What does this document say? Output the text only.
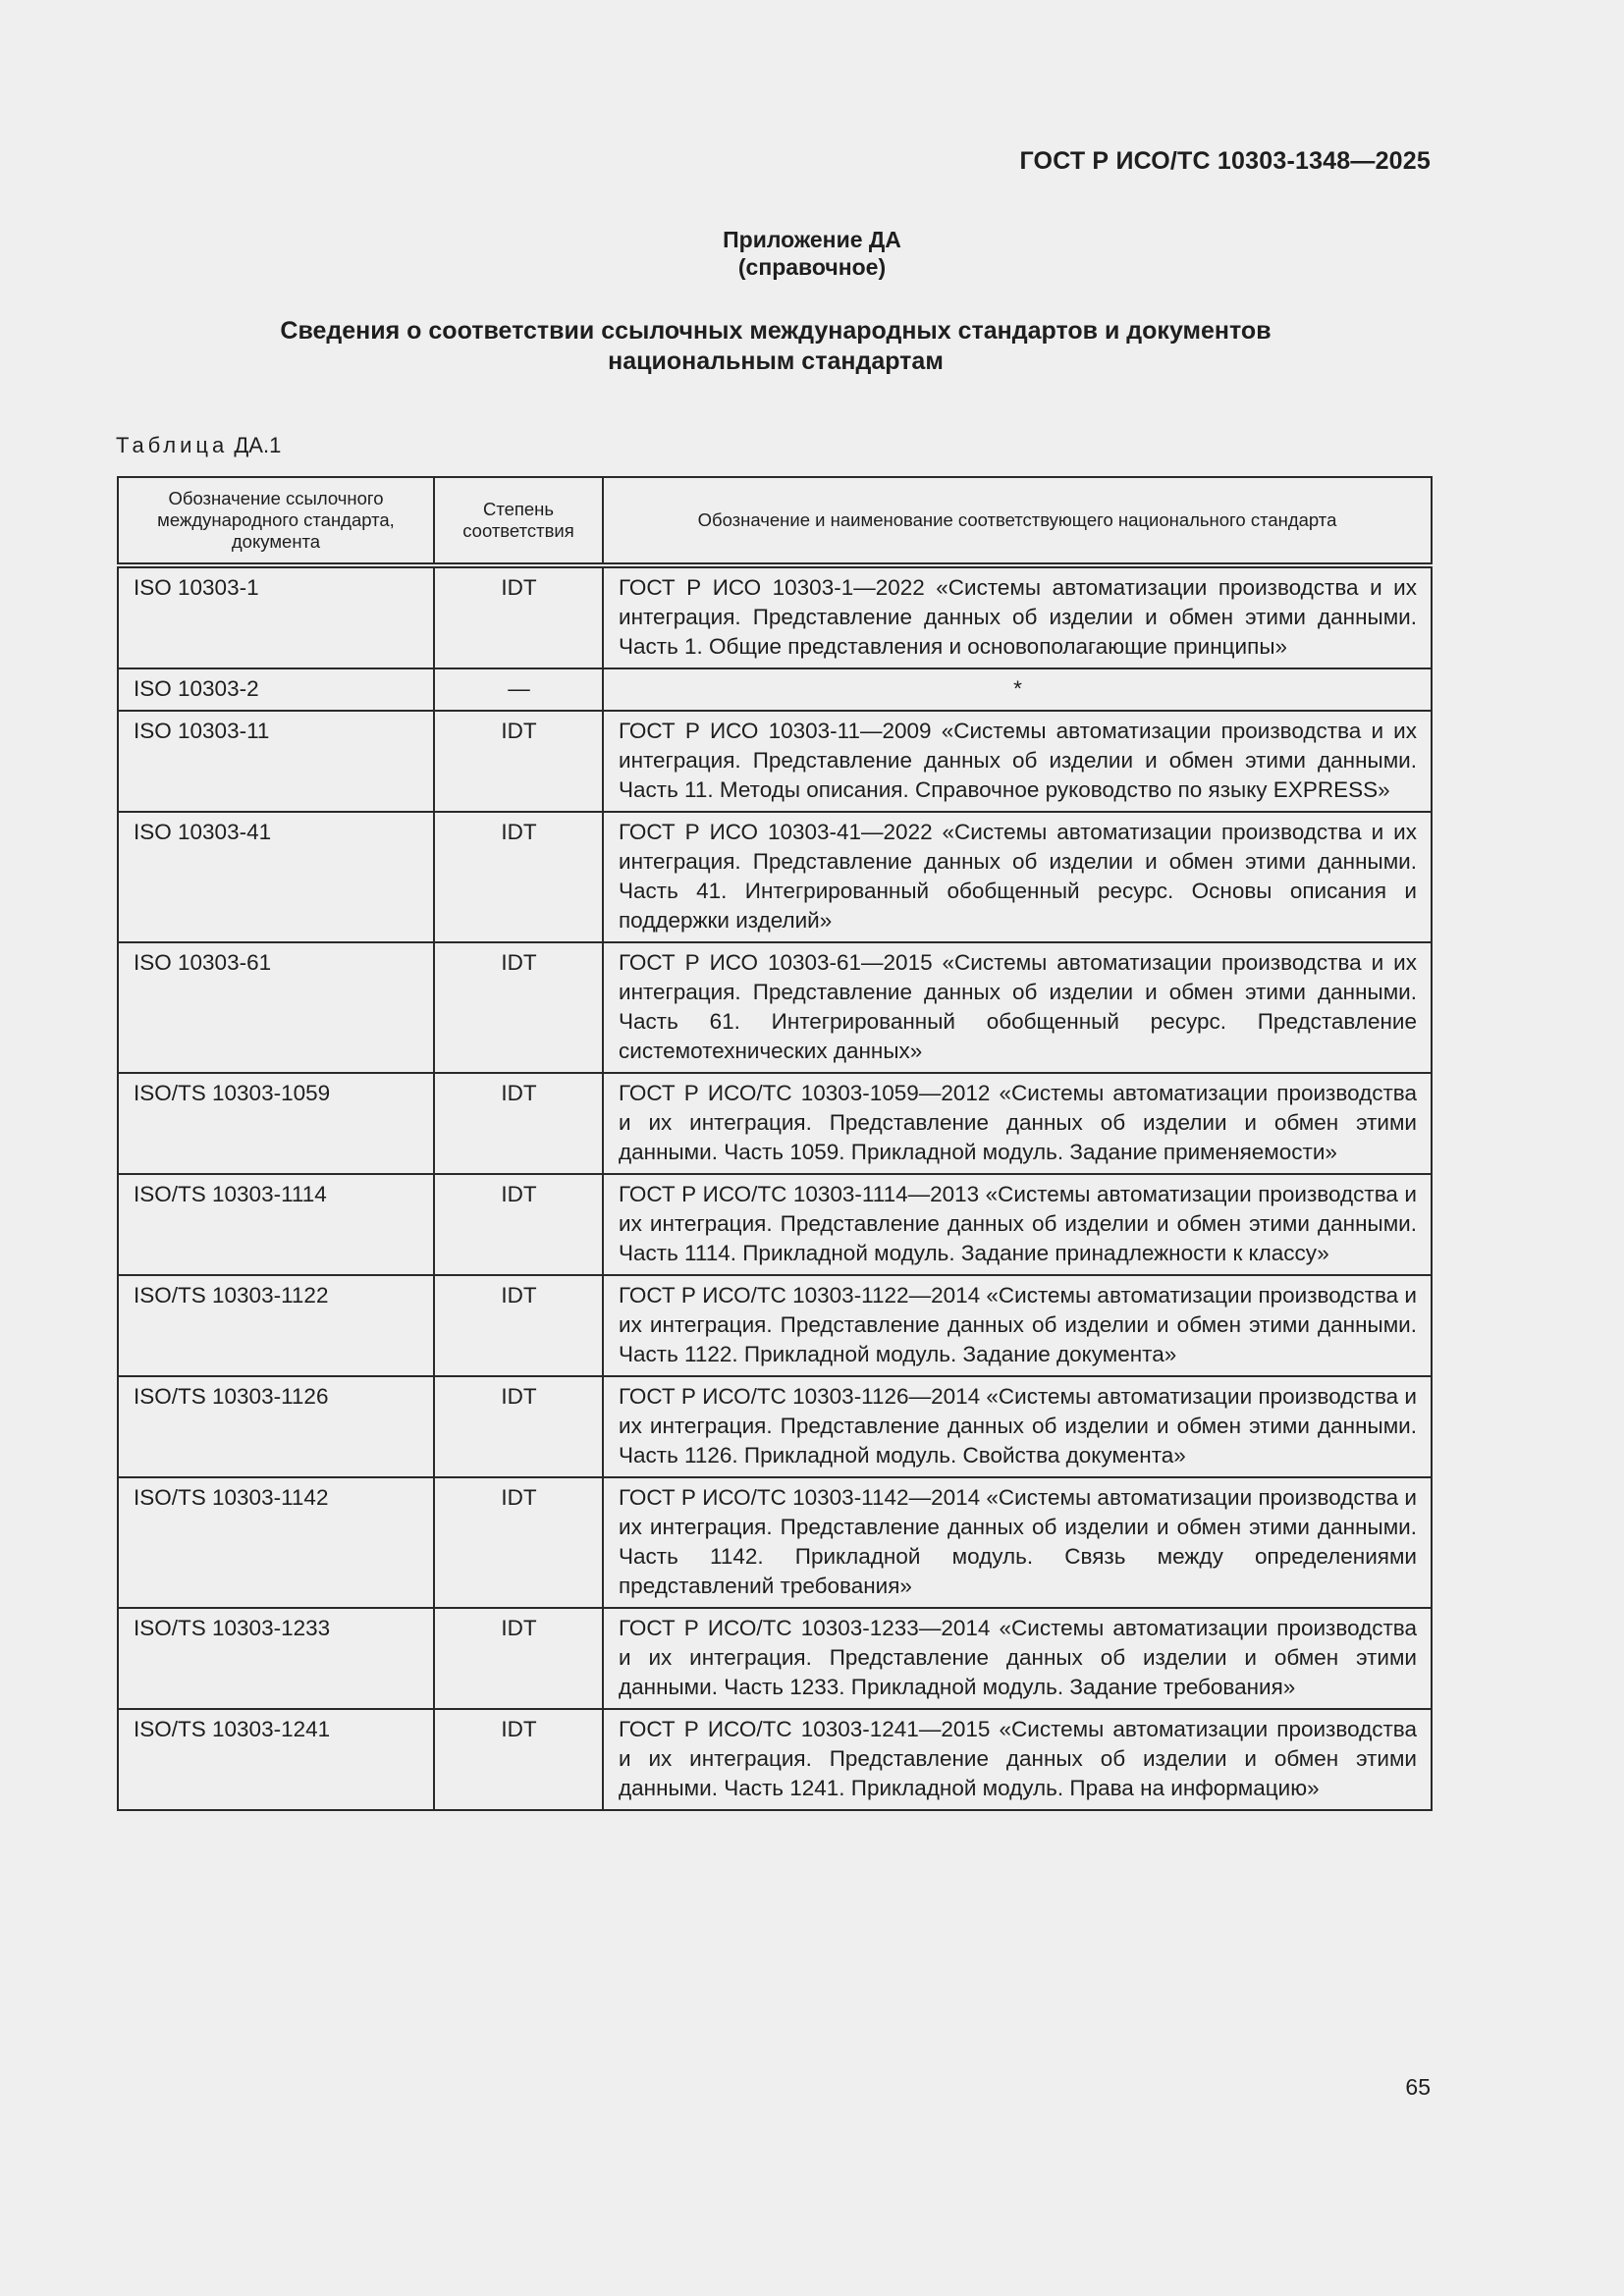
ГОСТ Р ИСО/ТС 10303-1348—2025
Приложение ДА
(справочное)
Сведения о соответствии ссылочных международных стандартов и документов
национальным стандартам
Таблица ДА.1
Обозначение ссылочного международного стандарта, документа	Степень соответствия	Обозначение и наименование соответствующего национального стандарта
ISO 10303-1	IDT	ГОСТ Р ИСО 10303-1—2022 «Системы автоматизации производства и их интеграция. Представление данных об изделии и обмен этими данными. Часть 1. Общие представления и основополагающие принципы»
ISO 10303-2	—	*
ISO 10303-11	IDT	ГОСТ Р ИСО 10303-11—2009 «Системы автоматизации производства и их интеграция. Представление данных об изделии и обмен этими данными. Часть 11. Методы описания. Справочное руководство по языку EXPRESS»
ISO 10303-41	IDT	ГОСТ Р ИСО 10303-41—2022 «Системы автоматизации производства и их интеграция. Представление данных об изделии и обмен этими данными. Часть 41. Интегрированный обобщенный ресурс. Основы описания и поддержки изделий»
ISO 10303-61	IDT	ГОСТ Р ИСО 10303-61—2015 «Системы автоматизации производства и их интеграция. Представление данных об изделии и обмен этими данными. Часть 61. Интегрированный обобщенный ресурс. Представление системотехнических данных»
ISO/TS 10303-1059	IDT	ГОСТ Р ИСО/ТС 10303-1059—2012 «Системы автоматизации производства и их интеграция. Представление данных об изделии и обмен этими данными. Часть 1059. Прикладной модуль. Задание применяемости»
ISO/TS 10303-1114	IDT	ГОСТ Р ИСО/ТС 10303-1114—2013 «Системы автоматизации производства и их интеграция. Представление данных об изделии и обмен этими данными. Часть 1114. Прикладной модуль. Задание принадлежности к классу»
ISO/TS 10303-1122	IDT	ГОСТ Р ИСО/ТС 10303-1122—2014 «Системы автоматизации производства и их интеграция. Представление данных об изделии и обмен этими данными. Часть 1122. Прикладной модуль. Задание документа»
ISO/TS 10303-1126	IDT	ГОСТ Р ИСО/ТС 10303-1126—2014 «Системы автоматизации производства и их интеграция. Представление данных об изделии и обмен этими данными. Часть 1126. Прикладной модуль. Свойства документа»
ISO/TS 10303-1142	IDT	ГОСТ Р ИСО/ТС 10303-1142—2014 «Системы автоматизации производства и их интеграция. Представление данных об изделии и обмен этими данными. Часть 1142. Прикладной модуль. Связь между определениями представлений требования»
ISO/TS 10303-1233	IDT	ГОСТ Р ИСО/ТС 10303-1233—2014 «Системы автоматизации производства и их интеграция. Представление данных об изделии и обмен этими данными. Часть 1233. Прикладной модуль. Задание требования»
ISO/TS 10303-1241	IDT	ГОСТ Р ИСО/ТС 10303-1241—2015 «Системы автоматизации производства и их интеграция. Представление данных об изделии и обмен этими данными. Часть 1241. Прикладной модуль. Права на информацию»
65
